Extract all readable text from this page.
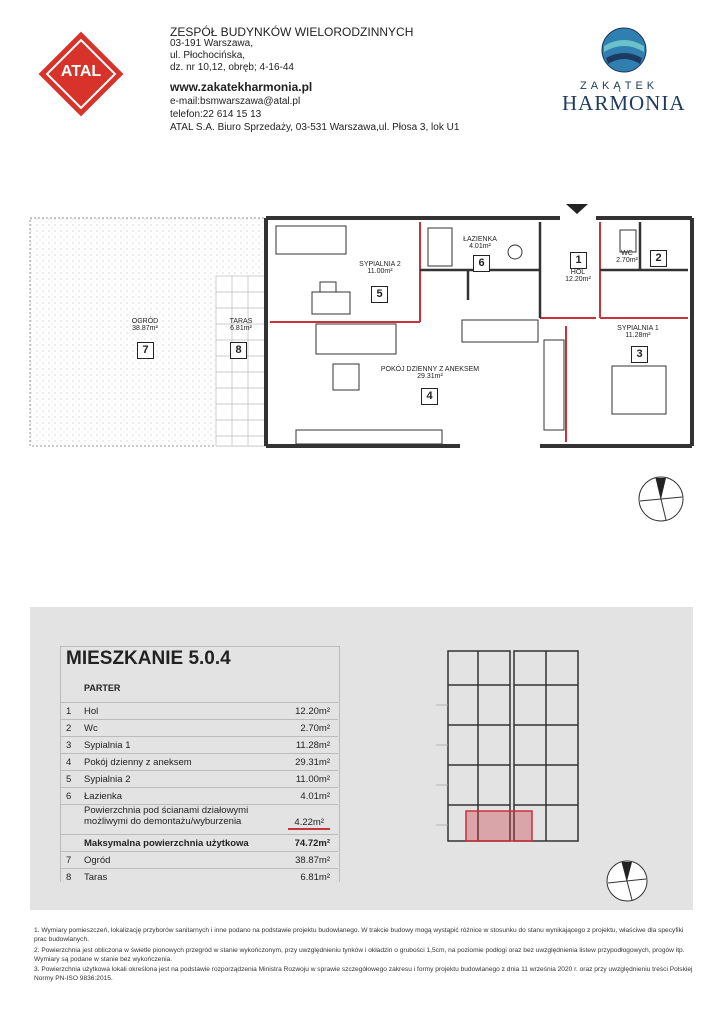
ATAL
ZESPÓŁ BUDYNKÓW WIELORODZINNYCH
03-191 Warszawa,
ul. Płochocińska,
dz. nr 10,12, obręb; 4-16-44
www.zakatekharmonia.pl
e-mail:bsmwarszawa@atal.pl
telefon:22 614 15 13
ATAL S.A. Biuro Sprzedaży, 03-531 Warszawa,ul. Płosa 3, lok U1
ZAKĄTEK
HARMONIA
OGRÓD
38.87m²
7
TARAS
6.81m²
8
SYPIALNIA 2
11.00m²
5
ŁAZIENKA
4.01m²
6	1
HOL
12.20m²
WC
2.70m²	2
SYPIALNIA 1
11.28m²
3
POKÓJ DZIENNY Z ANEKSEM
29.31m²
4
MIESZKANIE 5.0.4
PARTER
1 Hol	12.20m²
2 Wc	2.70m²
3 Sypialnia 1	11.28m²
4 Pokój dzienny z aneksem	29.31m²
5 Sypialnia 2	11.00m²
6 Łazienka	4.01m²
Powierzchnia pod ścianami działowymi
możliwymi do demontażu/wyburzenia	4.22m²
Maksymalna powierzchnia użytkowa	74.72m²
7 Ogród	38.87m²
8 Taras	6.81m²
1. Wymiary pomieszczeń, lokalizację przyborów sanitarnych i inne podano na podstawie projektu budowlanego. W trakcie budowy mogą wystąpić różnice w stosunku do stanu wynikającego z projektu, właściwe dla specyfiki prac budowlanych.
2. Powierzchnia jest obliczona w świetle pionowych przegród w stanie wykończonym, przy uwzględnieniu tynków i okładzin o grubości 1,5cm, na poziomie podłogi oraz bez uwzględnienia listew przypodłogowych, progów itp. Wymiary są podane w stanie bez wykończenia.
3. Powierzchnia użytkowa lokali określona jest na podstawie rozporządzenia Ministra Rozwoju w sprawie szczegółowego zakresu i formy projektu budowlanego z dnia 11 września 2020 r. oraz przy uwzględnieniu treści Polskiej Normy PN-ISO 9836:2015.
